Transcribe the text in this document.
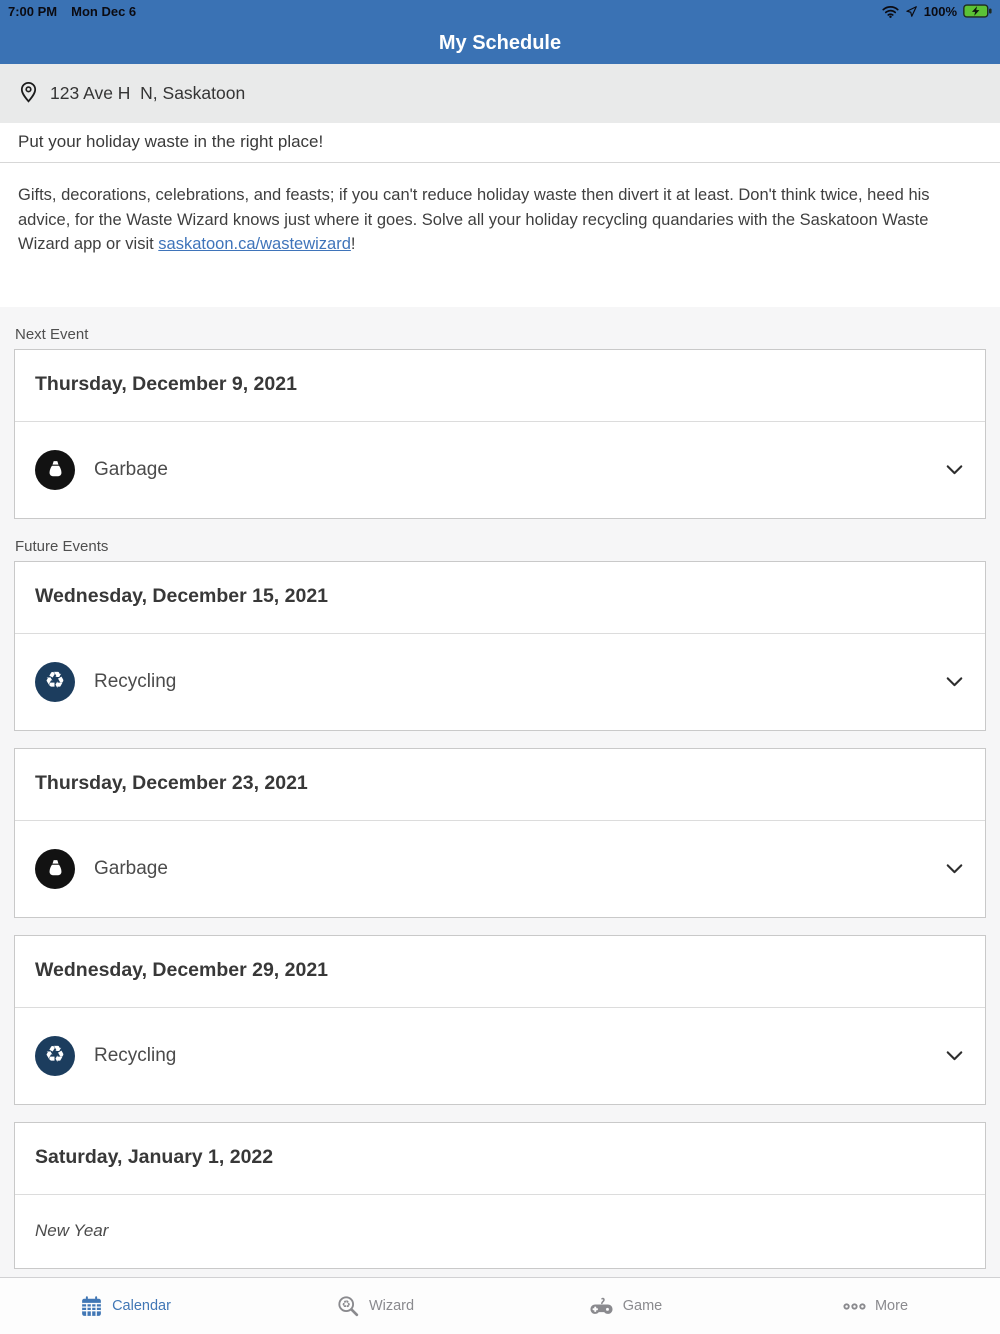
7:00 PM Mon Dec 6	100%
My Schedule
123 Ave H  N, Saskatoon
Put your holiday waste in the right place!
Gifts, decorations, celebrations, and feasts; if you can't reduce holiday waste then divert it at least. Don't think twice, heed his advice, for the Waste Wizard knows just where it goes. Solve all your holiday recycling quandaries with the Saskatoon Waste Wizard app or visit saskatoon.ca/wastewizard!
Next Event
Thursday, December 9, 2021
Garbage
Future Events
Wednesday, December 15, 2021
♻ Recycling
Thursday, December 23, 2021
Garbage
Wednesday, December 29, 2021
♻ Recycling
Saturday, January 1, 2022
New Year
Calendar	♻ Wizard	Game	More
